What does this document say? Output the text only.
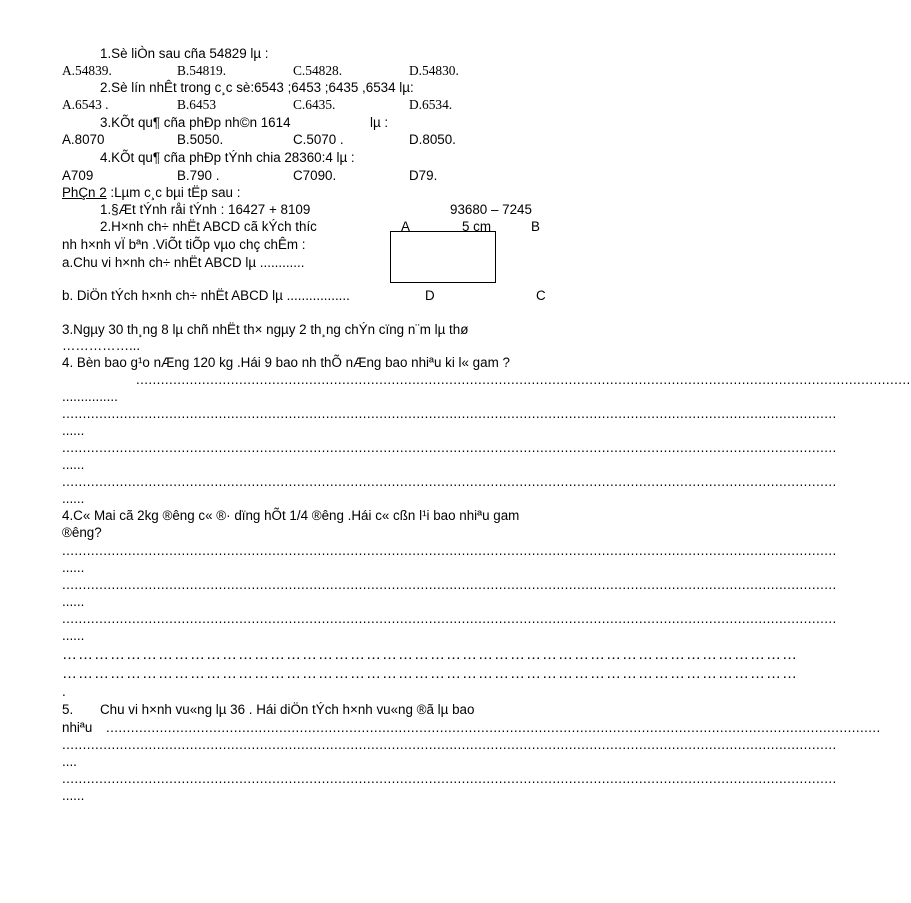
1.Sè liÒn sau cña 54829 lµ :
A.54839.	B.54819.	C.54828.	D.54830.
2.Sè lín nhÊt trong c¸c sè:6543 ;6453 ;6435 ,6534 lµ:
A.6543 .	B.6453	C.6435.	D.6534.
3.KÕt qu¶ cña phÐp nh©n 1614	lµ :
A.8070	B.5050.	C.5070 .	D.8050.
4.KÕt qu¶ cña phÐp tÝnh chia 28360:4 lµ :
A709	B.790 .	C7090.	D79.
PhÇn 2 :Lµm c¸c bµi tËp sau :
1.§Æt tÝnh råi tÝnh : 16427 + 8109	93680 – 7245
2.H×nh ch÷ nhËt ABCD cã kÝch thíc	A	5 cm	B
nh h×nh vÏ bªn .ViÕt tiÕp vµo chç chÊm :
a.Chu vi h×nh ch÷ nhËt ABCD lµ ............
b. DiÖn tÝch h×nh ch÷ nhËt ABCD lµ .................	D	C
3.Ngµy 30 th¸ng 8 lµ chñ nhËt th× ngµy 2 th¸ng chÝn cïng n¨m lµ thø
……………...
4. Bèn bao g¹o nÆng 120 kg .Hái 9 bao nh thÕ nÆng bao nhiªu ki l« gam ?
............................................................................................................................................................................................
...............
............................................................................................................................................................................................
......
............................................................................................................................................................................................
......
............................................................................................................................................................................................
......
4.C« Mai cã 2kg ®êng c« ®· dïng hÕt 1/4 ®êng .Hái c« cßn l¹i bao nhiªu gam
®êng?
............................................................................................................................................................................................
......
............................................................................................................................................................................................
......
............................................................................................................................................................................................
......
…………………………………………………………………………………………………………………………
…………………………………………………………………………………………………………………………
.
5. Chu vi h×nh vu«ng lµ 36 . Hái diÖn tÝch h×nh vu«ng ®ã lµ bao
nhiªu ............................................................................................................................................................................................
............................................................................................................................................................................................
....
............................................................................................................................................................................................
......
